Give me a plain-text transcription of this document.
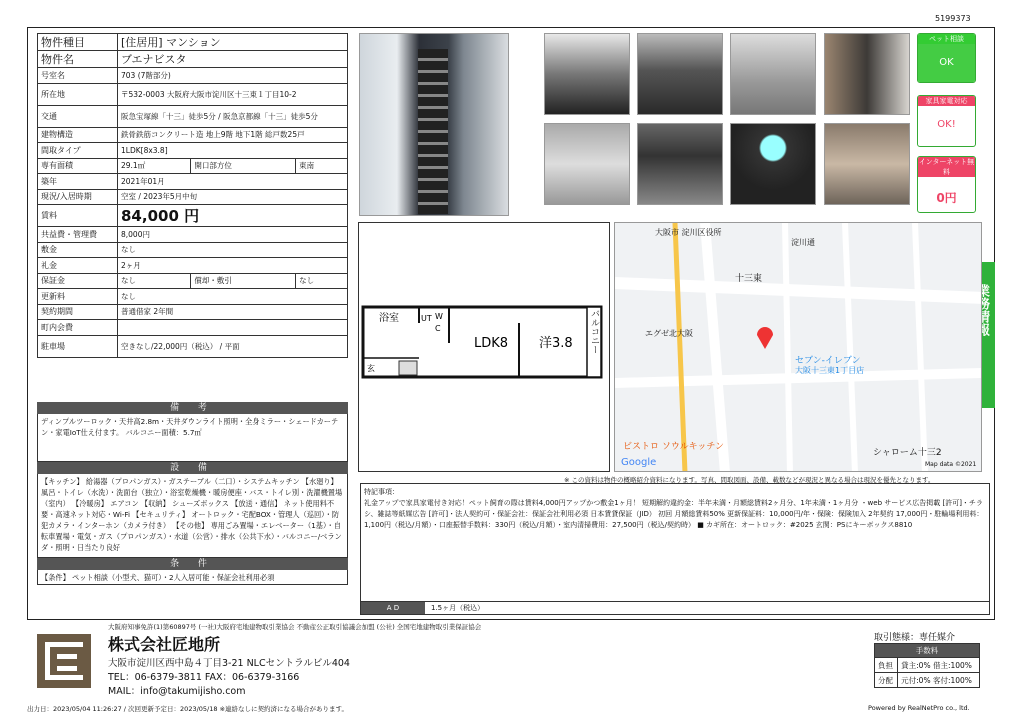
5199373
物件種目	[住居用] マンション		
物件名	ブエナビスタ		
号室名	703 (7階部分)		
所在地	〒532-0003 大阪府大阪市淀川区十三東１丁目10-2		
交通	阪急宝塚線「十三」徒歩5分 / 阪急京都線「十三」徒歩5分		
建物構造	鉄骨鉄筋コンクリート造 地上9階 地下1階 総戸数25戸		
間取タイプ	1LDK[8x3.8]		
専有面積	29.1㎡	開口部方位	東南
築年	2021年01月		
現況/入居時期	空室 / 2023年5月中旬		
賃料	84,000 円		
共益費・管理費	8,000円		
敷金	なし		
礼金	2ヶ月		
保証金	なし	償却・敷引	なし
更新料	なし		
契約期間	普通借家 2年間		
町内会費			
駐車場	空きなし/22,000円（税込） / 平面		
備 考
ディンプルツーロック・天井高2.8m・天井ダウンライト照明・全身ミラー・シェードカーテン・家電IoT仕え付ます。 バルコニー面積：5.7㎡
設 備
【キッチン】 給湯器（プロパンガス）・ガステーブル（二口）・システムキッチン 【水廻り】 風呂・トイレ（水洗）・洗面台（独立）・浴室乾燥機・暖房便座・バス・トイレ別・洗濯機置場（室内） 【冷暖房】 エアコン 【収納】 シューズボックス 【放送・通信】 ネット使用料不要・高速ネット対応・Wi-Fi 【セキュリティ】 オートロック・宅配BOX・管理人（巡回）・防犯カメラ・インターホン（カメラ付き） 【その他】 専用ごみ置場・エレベーター（1基）・自転車置場・電気・ガス（プロパンガス）・水道（公営）・排水（公共下水）・バルコニー/ベランダ・照明・日当たり良好
条 件
【条件】 ペット相談（小型犬、猫可）・2人入居可能・保証会社利用必須
ペット相談
OK
家具家電対応
OK!
インターネット無料
0円
浴室	UT W
C
LDK8 洋3.8
玄
バルコニー
大阪市 淀川区役所
淀川通
十三東
エグゼ北大阪
セブン-イレブン
大阪十三東1丁目店
ビストロ ソウルキッチン
シャローム十三2
Map data ©2021
Google
※ この資料は物件の概略紹介資料になります。写真、間取図面、設備、載数などが現況と異なる場合は現況を優先となります。
特記事項：
礼金アップで家具家電付き対応！ペット飼育の際は賃料4,000円アップかつ敷金1ヶ月！ 短期解約違約金：半年未満・月額総賃料2ヶ月分、1年未満・1ヶ月分 ・web サービス広告掲載 [許可]・チラシ、雑誌等紙媒広告 [許可]・法人契約可・保証会社：保証会社利用必須 日本賃貸保証（JID） 初回 月額総賃料50% 更新保証料：10,000円/年・保険：保険加入 2年契約 17,000円・駐輪場利用料：1,100円（税込/月額）・口座振替手数料：330円（税込/月額）・室内清掃費用：27,500円（税込/契約時） ■ カギ所在：オートロック：#2025 玄関：PSにキーボックス8810
A D	1.5ヶ月（税込）
大阪府知事免許(1)第60897号 (一社)大阪府宅地建物取引業協会 不動産公正取引協議会加盟 (公社) 全国宅地建物取引業保証協会
株式会社匠地所
大阪市淀川区西中島４丁目3-21 NLCセントラルビル404
TEL：06-6379-3811 FAX：06-6379-3166
MAIL：info@takumijisho.com
取引態様：専任媒介
手数料	
負担	貸主:0% 借主:100%
分配	元付:0% 客付:100%
出力日：2023/05/04 11:26:27 / 次回更新予定日：2023/05/18 ※連絡なしに契約済になる場合があります。	Powered by RealNetPro co., ltd.
